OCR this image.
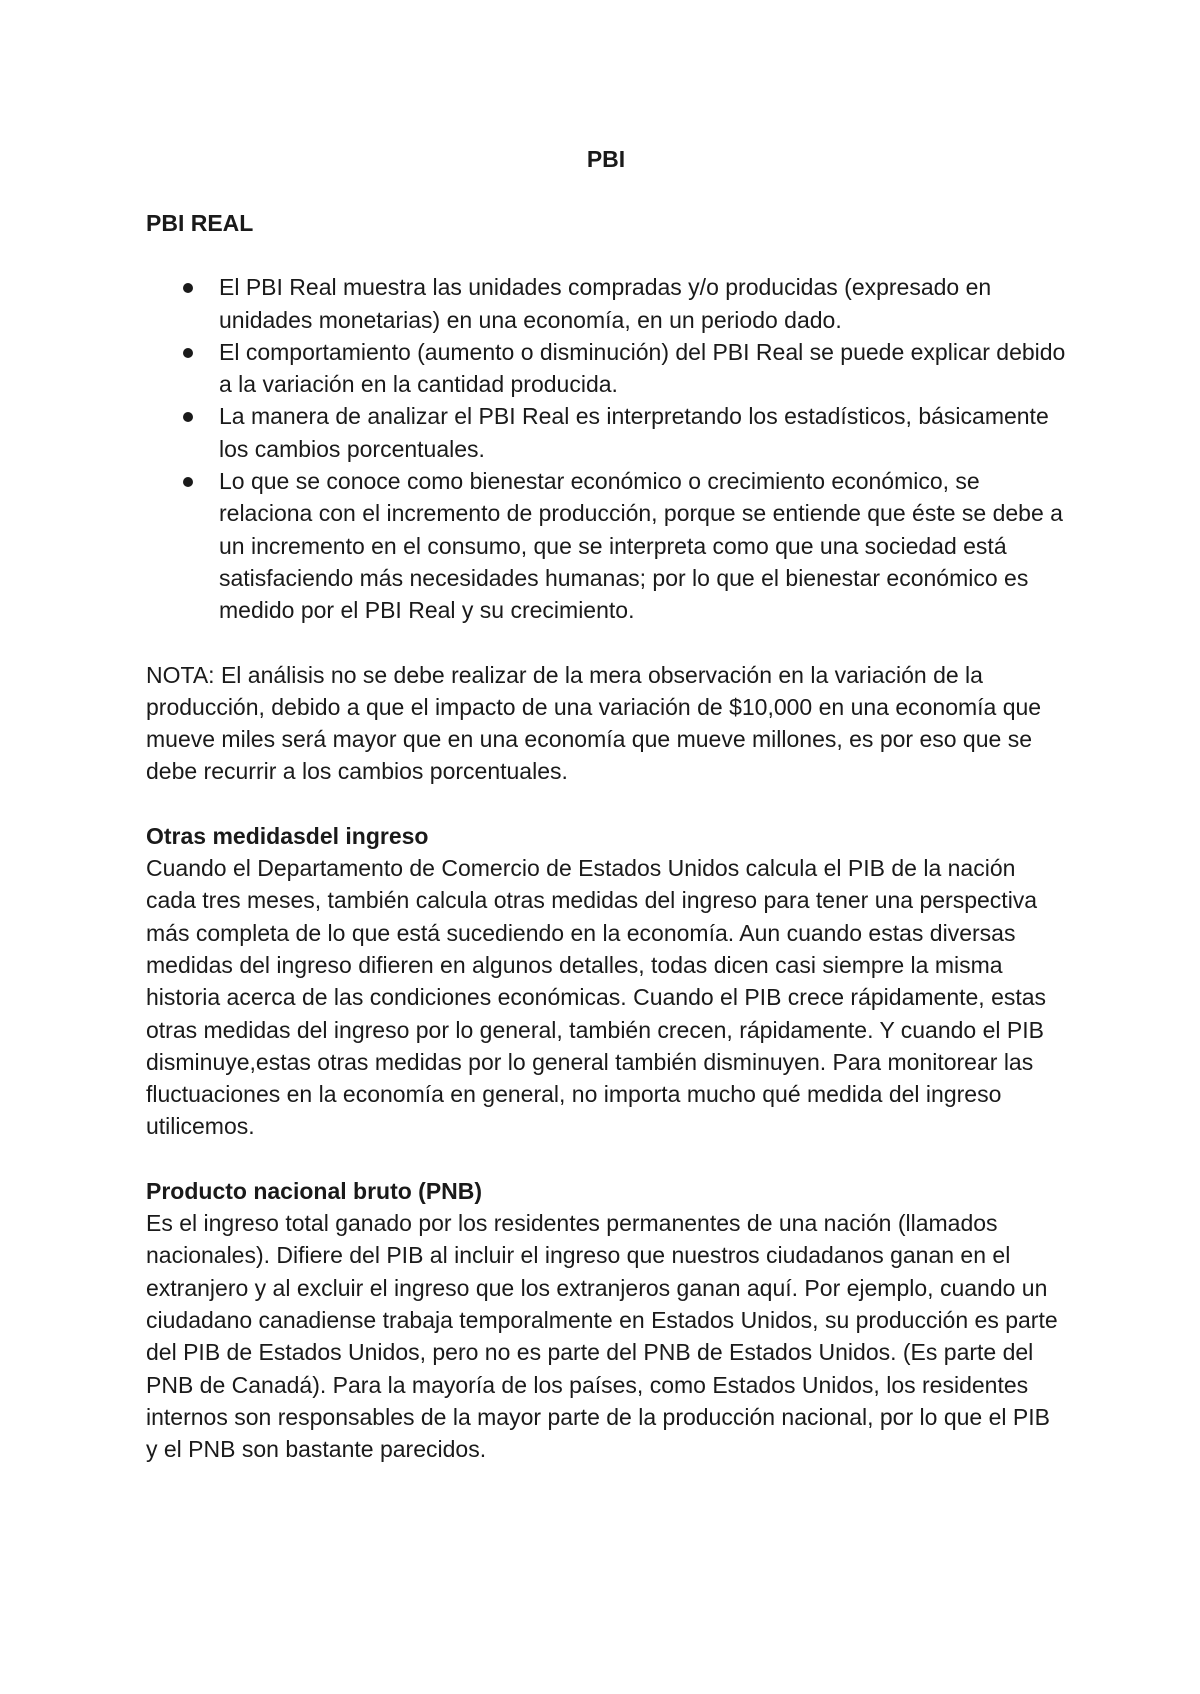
PBI
PBI REAL
El PBI Real muestra las unidades compradas y/o producidas (expresado en unidades monetarias) en una economía, en un periodo dado.
El comportamiento (aumento o disminución) del PBI Real se puede explicar debido a la variación en la cantidad producida.
La manera de analizar el PBI Real es interpretando los estadísticos, básicamente los cambios porcentuales.
Lo que se conoce como bienestar económico o crecimiento económico, se relaciona con el incremento de producción, porque se entiende que éste se debe a un incremento en el consumo, que se interpreta como que una sociedad está satisfaciendo más necesidades humanas; por lo que el bienestar económico es medido por el PBI Real y su crecimiento.

NOTA: El análisis no se debe realizar de la mera observación en la variación de la producción, debido a que el impacto de una variación de $10,000 en una economía que mueve miles será mayor que en una economía que mueve millones, es por eso que se debe recurrir a los cambios porcentuales.

Otras medidasdel ingreso

Cuando el Departamento de Comercio de Estados Unidos calcula el PIB de la nación cada tres meses, también calcula otras medidas del ingreso para tener una perspectiva más completa de lo que está sucediendo en la economía. Aun cuando estas diversas medidas del ingreso difieren en algunos detalles, todas dicen casi siempre la misma historia acerca de las condiciones económicas. Cuando el PIB crece rápidamente, estas otras medidas del ingreso por lo general, también crecen, rápidamente. Y cuando el PIB disminuye,estas otras medidas por lo general también disminuyen. Para monitorear las fluctuaciones en la economía en general, no importa mucho qué medida del ingreso utilicemos.

Producto nacional bruto (PNB)

Es el ingreso total ganado por los residentes permanentes de una nación (llamados nacionales). Difiere del PIB al incluir el ingreso que nuestros ciudadanos ganan en el extranjero y al excluir el ingreso que los extranjeros ganan aquí. Por ejemplo, cuando un ciudadano canadiense trabaja temporalmente en Estados Unidos, su producción es parte del PIB de Estados Unidos, pero no es parte del PNB de Estados Unidos. (Es parte del PNB de Canadá). Para la mayoría de los países, como Estados Unidos, los residentes internos son responsables de la mayor parte de la producción nacional, por lo que el PIB y el PNB son bastante parecidos.
